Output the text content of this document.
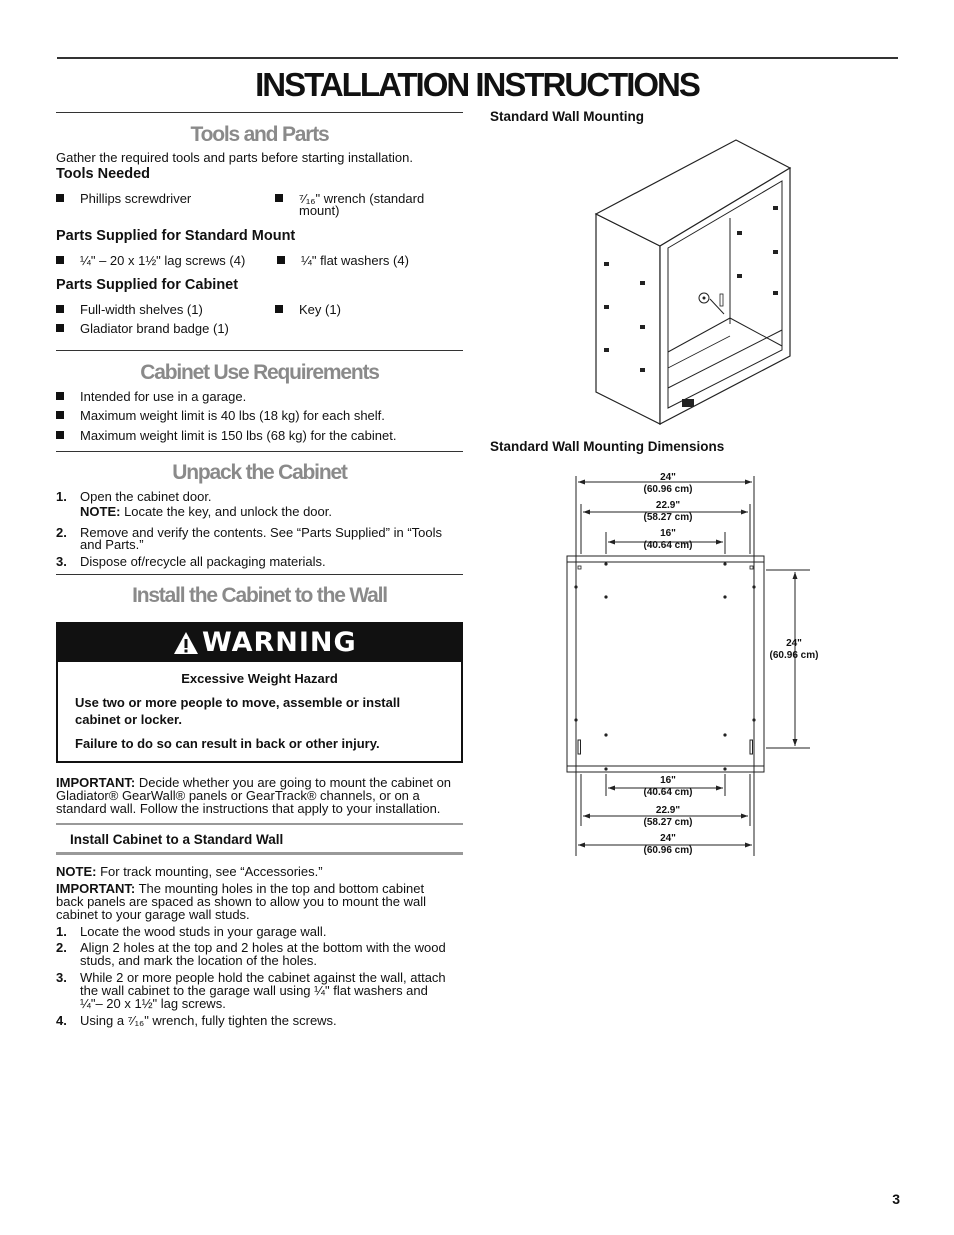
INSTALLATION INSTRUCTIONS
Tools and Parts
Gather the required tools and parts before starting installation.
Tools Needed
Phillips screwdriver	⁷⁄₁₆" wrench (standard
mount)
Parts Supplied for Standard Mount
¼" – 20 x 1½" lag screws (4)	¼" flat washers (4)
Parts Supplied for Cabinet
Full-width shelves (1)	Key (1)
Gladiator brand badge (1)
Cabinet Use Requirements
Intended for use in a garage.
Maximum weight limit is 40 lbs (18 kg) for each shelf.
Maximum weight limit is 150 lbs (68 kg) for the cabinet.
Unpack the Cabinet
1. Open the cabinet door.
NOTE: Locate the key, and unlock the door.
2. Remove and verify the contents. See “Parts Supplied” in “Tools
and Parts.”
3. Dispose of/recycle all packaging materials.
Install the Cabinet to the Wall
WARNING
Excessive Weight Hazard
Use two or more people to move, assemble or install
cabinet or locker.
Failure to do so can result in back or other injury.
IMPORTANT: Decide whether you are going to mount the cabinet on
Gladiator® GearWall® panels or GearTrack® channels, or on a
standard wall. Follow the instructions that apply to your installation.
Install Cabinet to a Standard Wall
NOTE: For track mounting, see “Accessories.”
IMPORTANT: The mounting holes in the top and bottom cabinet
back panels are spaced as shown to allow you to mount the wall
cabinet to your garage wall studs.
1. Locate the wood studs in your garage wall.
2. Align 2 holes at the top and 2 holes at the bottom with the wood
studs, and mark the location of the holes.
3. While 2 or more people hold the cabinet against the wall, attach
the wall cabinet to the garage wall using ¼" flat washers and
¼"– 20 x 1½" lag screws.
4. Using a ⁷⁄₁₆" wrench, fully tighten the screws.
Standard Wall Mounting
Standard Wall Mounting Dimensions
24"
(60.96 cm)
22.9"
(58.27 cm)
16"
(40.64 cm)
24"
(60.96 cm)
16"
(40.64 cm)
22.9"
(58.27 cm)
24"
(60.96 cm)
3
